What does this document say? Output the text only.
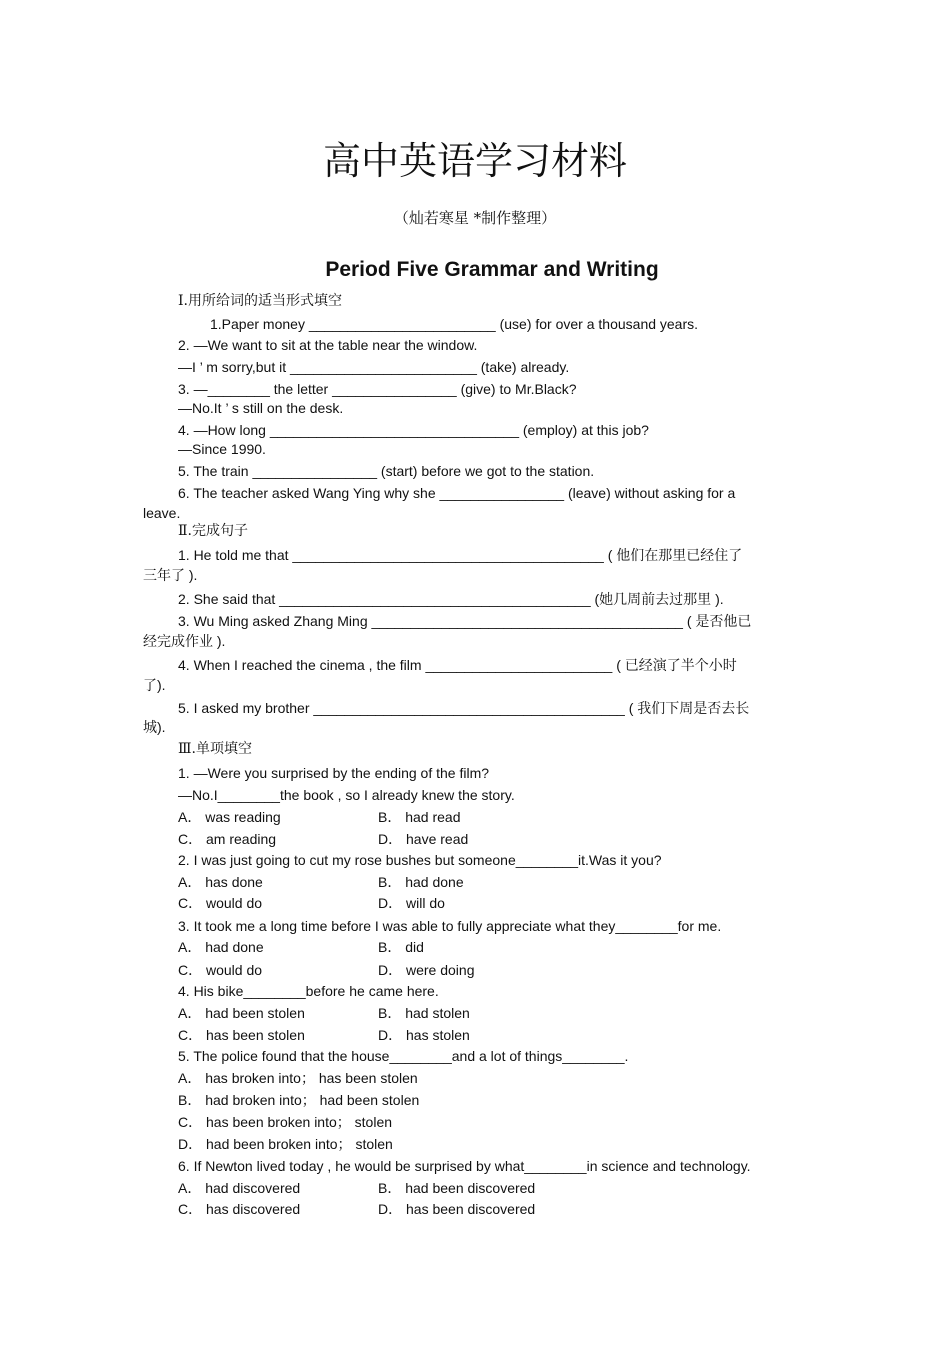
高中英语学习材料
（灿若寒星 *制作整理）
Period Five Grammar and Writing
Ⅰ.用所给词的适当形式填空
1.Paper money ________________________ (use) for over a thousand years.
2. —We want to sit at the table near the window.
—I ’ m sorry,but it ________________________ (take) already.
3. —________ the letter ________________ (give) to Mr.Black?
—No.It ’ s still on the desk.
4. —How long ________________________________ (employ) at this job?
—Since 1990.
5. The train ________________ (start) before we got to the station.
6. The teacher asked Wang Ying why she ________________ (leave) without asking for a
leave.
Ⅱ.完成句子
1. He told me that ________________________________________ ( 他们在那里已经住了
三年了 ).
2. She said that ________________________________________ (她几周前去过那里 ).
3. Wu Ming asked Zhang Ming ________________________________________ ( 是否他已
经完成作业 ).
4. When I reached the cinema , the film ________________________ ( 已经演了半个小时
了).
5. I asked my brother ________________________________________ ( 我们下周是否去长
城).
Ⅲ.单项填空
1. —Were you surprised by the ending of the film?
—No.I________the book , so I already knew the story.
A． was reading	B． had read
C． am reading	D． have read
2. I was just going to cut my rose bushes but someone________it.Was it you?
A． has done	B． had done
C． would do	D． will do
3. It took me a long time before I was able to fully appreciate what they________for me.
A． had done	B． did
C． would do	D． were doing
4. His bike________before he came here.
A． had been stolen	B． had stolen
C． has been stolen	D． has stolen
5. The police found that the house________and a lot of things________.
A． has broken into； has been stolen
B． had broken into； had been stolen
C． has been broken into； stolen
D． had been broken into； stolen
6. If Newton lived today , he would be surprised by what________in science and technology.
A． had discovered	B． had been discovered
C． has discovered	D． has been discovered
